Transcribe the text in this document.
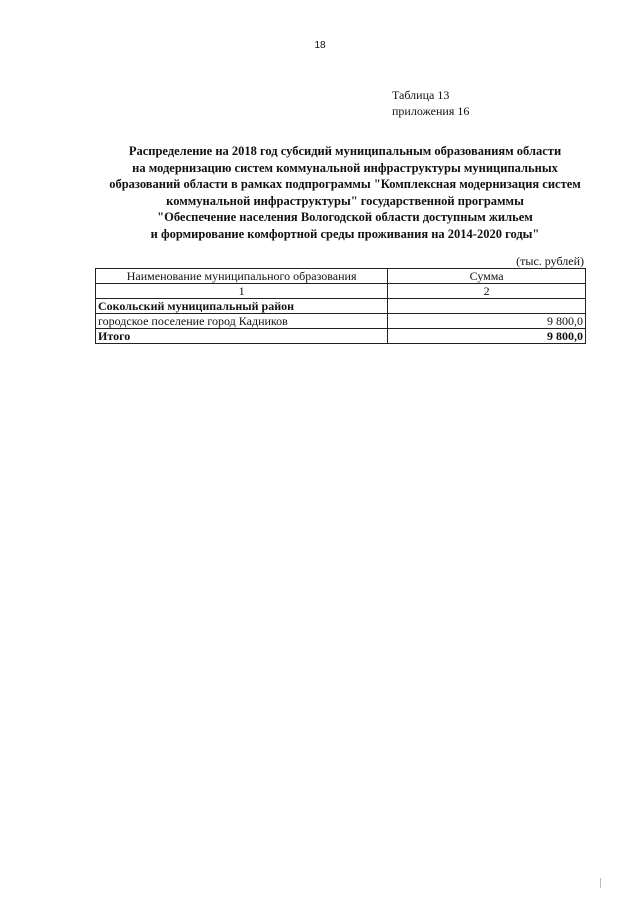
18
Таблица 13
приложения 16
Распределение на 2018 год субсидий муниципальным образованиям области
на модернизацию систем коммунальной инфраструктуры муниципальных
образований области в рамках подпрограммы "Комплексная модернизация систем
коммунальной инфраструктуры" государственной программы
"Обеспечение населения Вологодской области доступным жильем
и формирование комфортной среды проживания на 2014-2020 годы"
(тыс. рублей)
Наименование муниципального образования	Сумма
1	2
Сокольский муниципальный район	
городское поселение город Кадников	9 800,0
Итого	9 800,0
